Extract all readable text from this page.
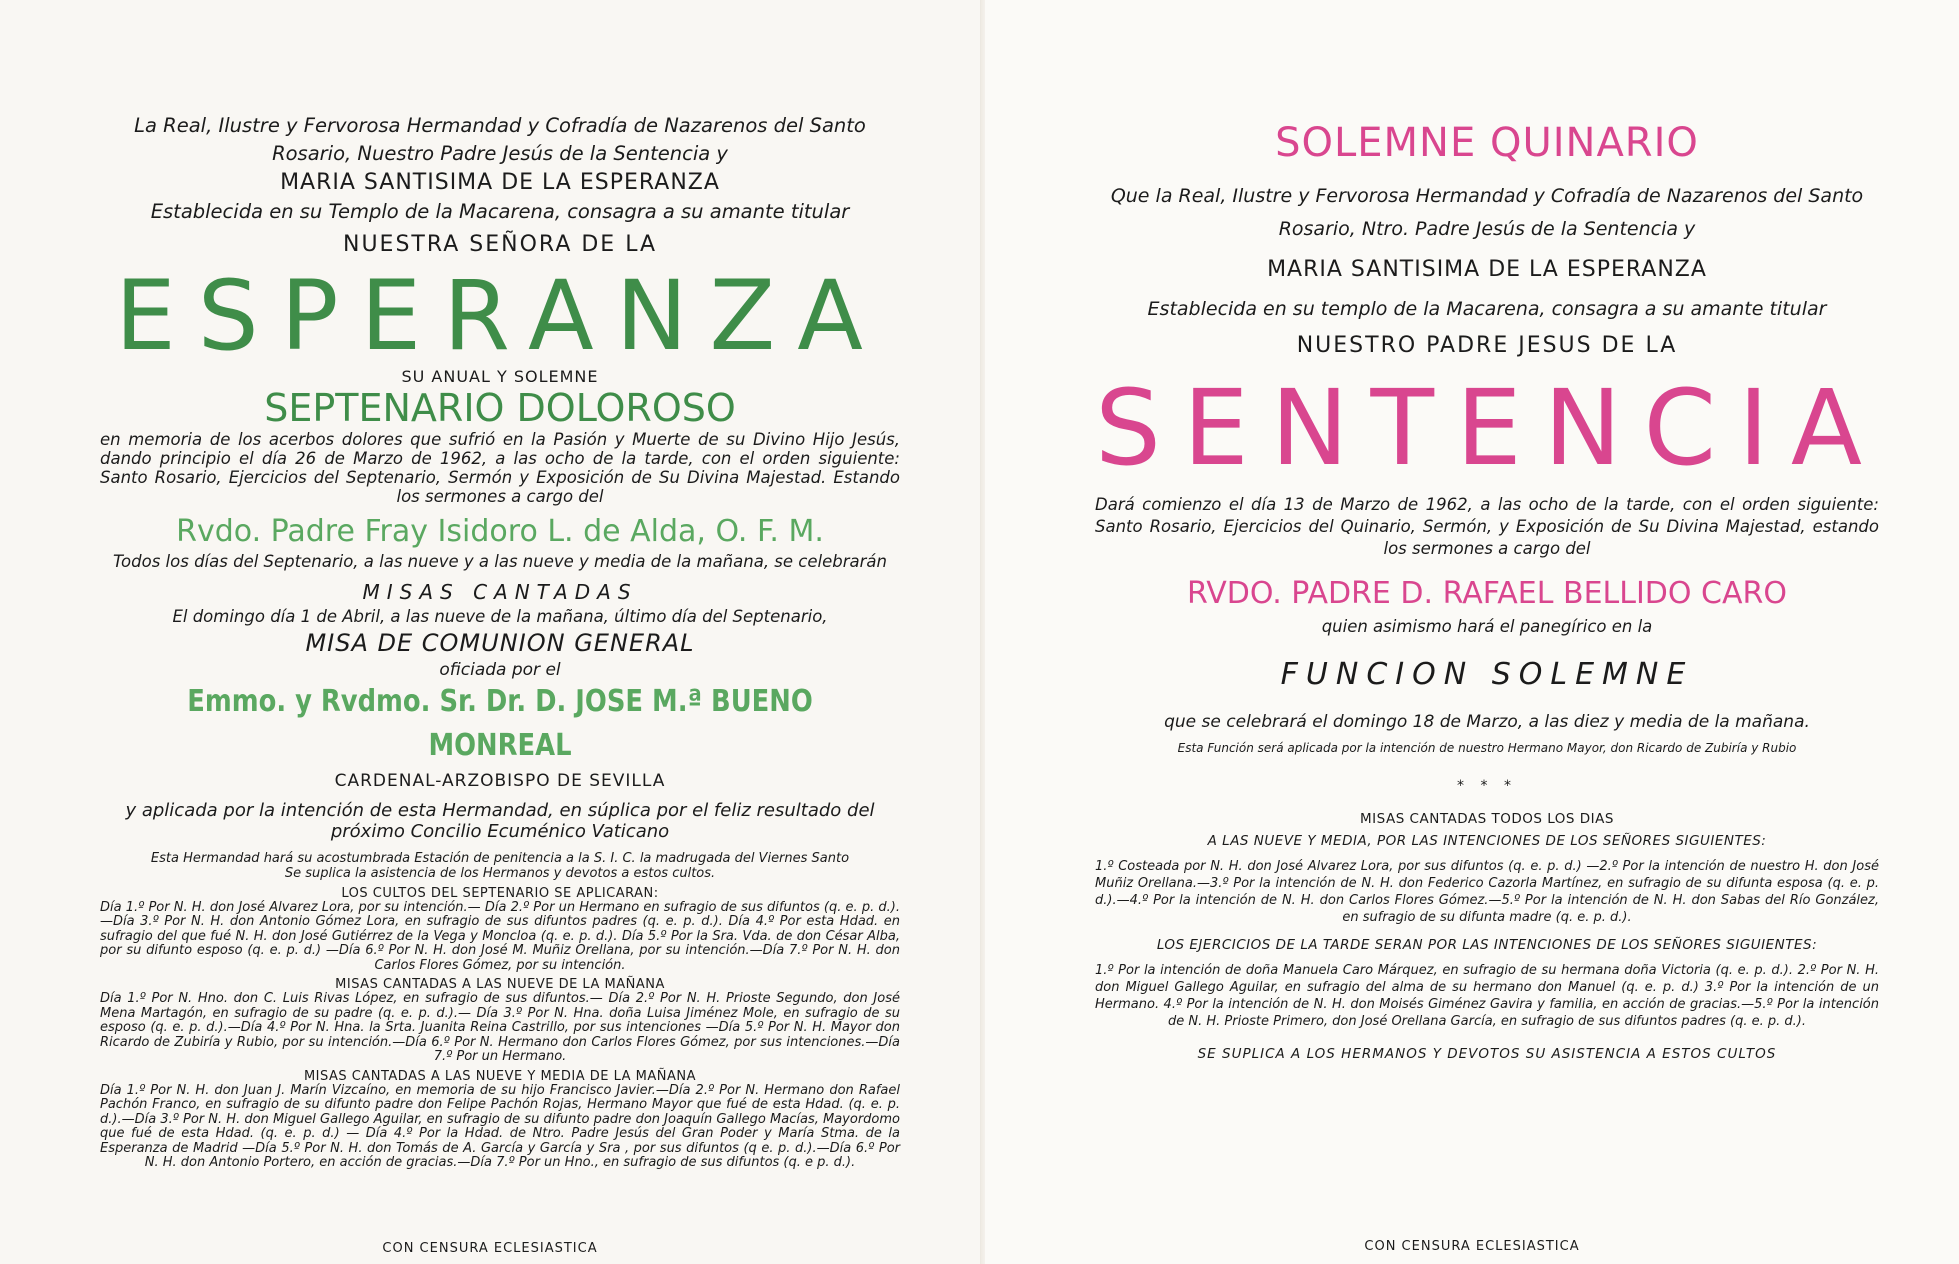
La Real, Ilustre y Fervorosa Hermandad y Cofradía de Nazarenos del Santo Rosario, Nuestro Padre Jesús de la Sentencia y

MARIA SANTISIMA DE LA ESPERANZA

Establecida en su Templo de la Macarena, consagra a su amante titular

NUESTRA SEÑORA DE LA

ESPERANZA

SU ANUAL Y SOLEMNE

SEPTENARIO DOLOROSO

en memoria de los acerbos dolores que sufrió en la Pasión y Muerte de su Divino Hijo Jesús, dando principio el día 26 de Marzo de 1962, a las ocho de la tarde, con el orden siguiente: Santo Rosario, Ejercicios del Septenario, Sermón y Exposición de Su Divina Majestad. Estando los sermones a cargo del

Rvdo. Padre Fray Isidoro L. de Alda, O. F. M.

Todos los días del Septenario, a las nueve y a las nueve y media de la mañana, se celebrarán

MISAS CANTADAS

El domingo día 1 de Abril, a las nueve de la mañana, último día del Septenario,

MISA DE COMUNION GENERAL

oficiada por el

Emmo. y Rvdmo. Sr. Dr. D. JOSE M.ª BUENO MONREAL

CARDENAL-ARZOBISPO DE SEVILLA

y aplicada por la intención de esta Hermandad, en súplica por el feliz resultado del próximo Concilio Ecuménico Vaticano

Esta Hermandad hará su acostumbrada Estación de penitencia a la S. I. C. la madrugada del Viernes Santo

Se suplica la asistencia de los Hermanos y devotos a estos cultos.

LOS CULTOS DEL SEPTENARIO SE APLICARAN:

Día 1.º Por N. H. don José Alvarez Lora, por su intención.— Día 2.º Por un Hermano en sufragio de sus difuntos (q. e. p. d.).—Día 3.º Por N. H. don Antonio Gómez Lora, en sufragio de sus difuntos padres (q. e. p. d.). Día 4.º Por esta Hdad. en sufragio del que fué N. H. don José Gutiérrez de la Vega y Moncloa (q. e. p. d.). Día 5.º Por la Sra. Vda. de don César Alba, por su difunto esposo (q. e. p. d.) —Día 6.º Por N. H. don José M. Muñiz Orellana, por su intención.—Día 7.º Por N. H. don Carlos Flores Gómez, por su intención.

MISAS CANTADAS A LAS NUEVE DE LA MAÑANA

Día 1.º Por N. Hno. don C. Luis Rivas López, en sufragio de sus difuntos.— Día 2.º Por N. H. Prioste Segundo, don José Mena Martagón, en sufragio de su padre (q. e. p. d.).— Día 3.º Por N. Hna. doña Luisa Jiménez Mole, en sufragio de su esposo (q. e. p. d.).—Día 4.º Por N. Hna. la Srta. Juanita Reina Castrillo, por sus intenciones —Día 5.º Por N. H. Mayor don Ricardo de Zubiría y Rubio, por su intención.—Día 6.º Por N. Hermano don Carlos Flores Gómez, por sus intenciones.—Día 7.º Por un Hermano.

MISAS CANTADAS A LAS NUEVE Y MEDIA DE LA MAÑANA

Día 1.º Por N. H. don Juan J. Marín Vizcaíno, en memoria de su hijo Francisco Javier.—Día 2.º Por N. Hermano don Rafael Pachón Franco, en sufragio de su difunto padre don Felipe Pachón Rojas, Hermano Mayor que fué de esta Hdad. (q. e. p. d.).—Día 3.º Por N. H. don Miguel Gallego Aguilar, en sufragio de su difunto padre don Joaquín Gallego Macías, Mayordomo que fué de esta Hdad. (q. e. p. d.) — Día 4.º Por la Hdad. de Ntro. Padre Jesús del Gran Poder y María Stma. de la Esperanza de Madrid —Día 5.º Por N. H. don Tomás de A. García y García y Sra , por sus difuntos (q e. p. d.).—Día 6.º Por N. H. don Antonio Portero, en acción de gracias.—Día 7.º Por un Hno., en sufragio de sus difuntos (q. e p. d.).

CON CENSURA ECLESIASTICA

SOLEMNE QUINARIO

Que la Real, Ilustre y Fervorosa Hermandad y Cofradía de Nazarenos del Santo Rosario, Ntro. Padre Jesús de la Sentencia y

MARIA SANTISIMA DE LA ESPERANZA

Establecida en su templo de la Macarena, consagra a su amante titular

NUESTRO PADRE JESUS DE LA

SENTENCIA

Dará comienzo el día 13 de Marzo de 1962, a las ocho de la tarde, con el orden siguiente: Santo Rosario, Ejercicios del Quinario, Sermón, y Exposición de Su Divina Majestad, estando los sermones a cargo del

RVDO. PADRE D. RAFAEL BELLIDO CARO

quien asimismo hará el panegírico en la

FUNCION SOLEMNE

que se celebrará el domingo 18 de Marzo, a las diez y media de la mañana.

Esta Función será aplicada por la intención de nuestro Hermano Mayor, don Ricardo de Zubiría y Rubio

* * *

MISAS CANTADAS TODOS LOS DIAS

A LAS NUEVE Y MEDIA, POR LAS INTENCIONES DE LOS SEÑORES SIGUIENTES:

1.º Costeada por N. H. don José Alvarez Lora, por sus difuntos (q. e. p. d.) —2.º Por la intención de nuestro H. don José Muñiz Orellana.—3.º Por la intención de N. H. don Federico Cazorla Martínez, en sufragio de su difunta esposa (q. e. p. d.).—4.º Por la intención de N. H. don Carlos Flores Gómez.—5.º Por la intención de N. H. don Sabas del Río González, en sufragio de su difunta madre (q. e. p. d.).

LOS EJERCICIOS DE LA TARDE SERAN POR LAS INTENCIONES DE LOS SEÑORES SIGUIENTES:

1.º Por la intención de doña Manuela Caro Márquez, en sufragio de su hermana doña Victoria (q. e. p. d.). 2.º Por N. H. don Miguel Gallego Aguilar, en sufragio del alma de su hermano don Manuel (q. e. p. d.) 3.º Por la intención de un Hermano. 4.º Por la intención de N. H. don Moisés Giménez Gavira y familia, en acción de gracias.—5.º Por la intención de N. H. Prioste Primero, don José Orellana García, en sufragio de sus difuntos padres (q. e. p. d.).

SE SUPLICA A LOS HERMANOS Y DEVOTOS SU ASISTENCIA A ESTOS CULTOS

CON CENSURA ECLESIASTICA
